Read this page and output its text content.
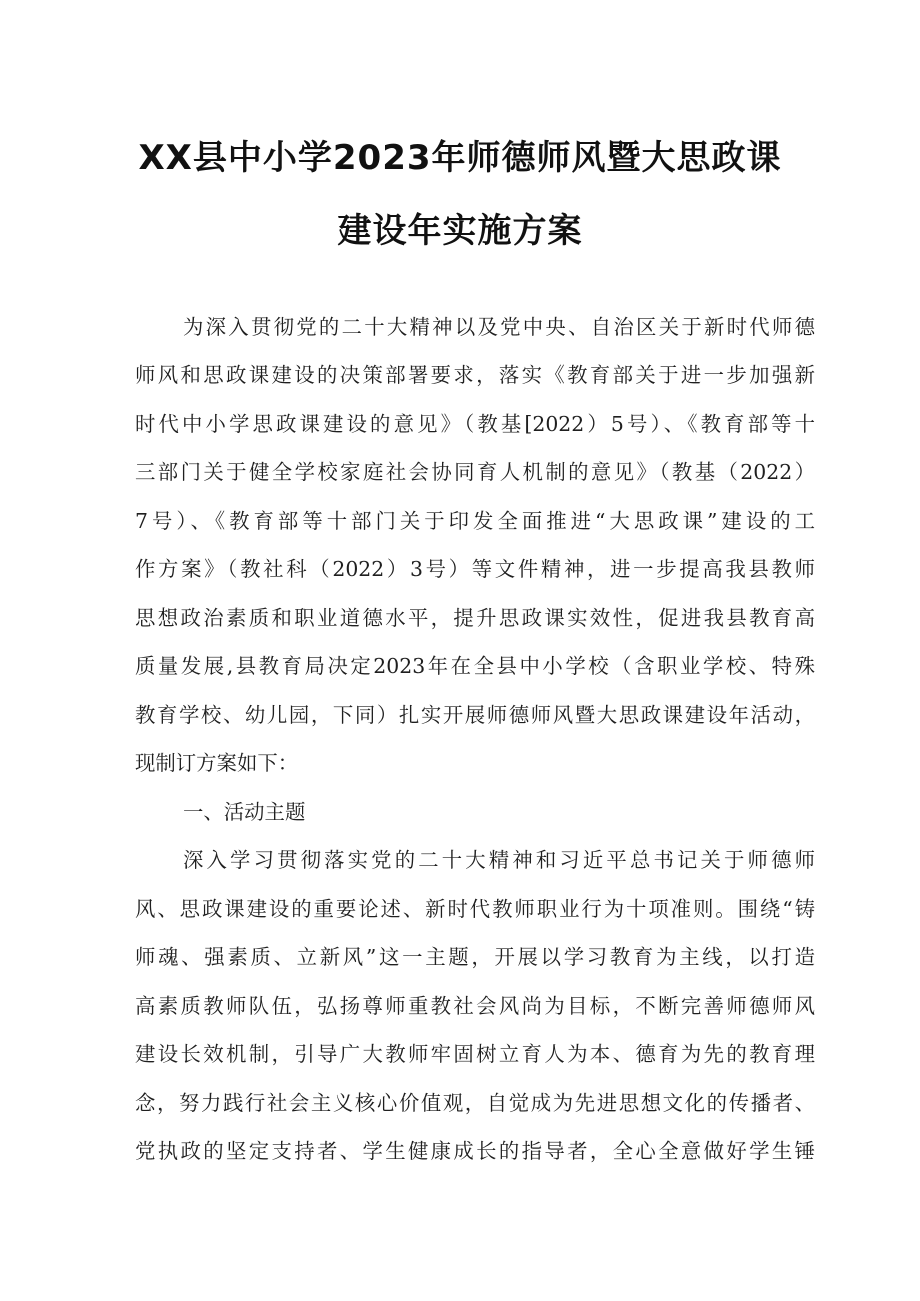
XX县中小学2023年师德师风暨大思政课
建设年实施方案
为深入贯彻党的二十大精神以及党中央、自治区关于新时代师德
师风和思政课建设的决策部署要求，落实《教育部关于进一步加强新
时代中小学思政课建设的意见》（教基[2022）5号）、《教育部等十
三部门关于健全学校家庭社会协同育人机制的意见》（教基（2022）
7号）、《教育部等十部门关于印发全面推进“大思政课”建设的工
作方案》（教社科（2022）3号）等文件精神，进一步提高我县教师
思想政治素质和职业道德水平，提升思政课实效性，促进我县教育高
质量发展,县教育局决定2023年在全县中小学校（含职业学校、特殊
教育学校、幼儿园，下同）扎实开展师德师风暨大思政课建设年活动，
现制订方案如下：
一、活动主题
深入学习贯彻落实党的二十大精神和习近平总书记关于师德师
风、思政课建设的重要论述、新时代教师职业行为十项准则。围绕“铸
师魂、强素质、立新风”这一主题，开展以学习教育为主线，以打造
高素质教师队伍，弘扬尊师重教社会风尚为目标，不断完善师德师风
建设长效机制，引导广大教师牢固树立育人为本、德育为先的教育理
念，努力践行社会主义核心价值观，自觉成为先进思想文化的传播者、
党执政的坚定支持者、学生健康成长的指导者，全心全意做好学生锤
